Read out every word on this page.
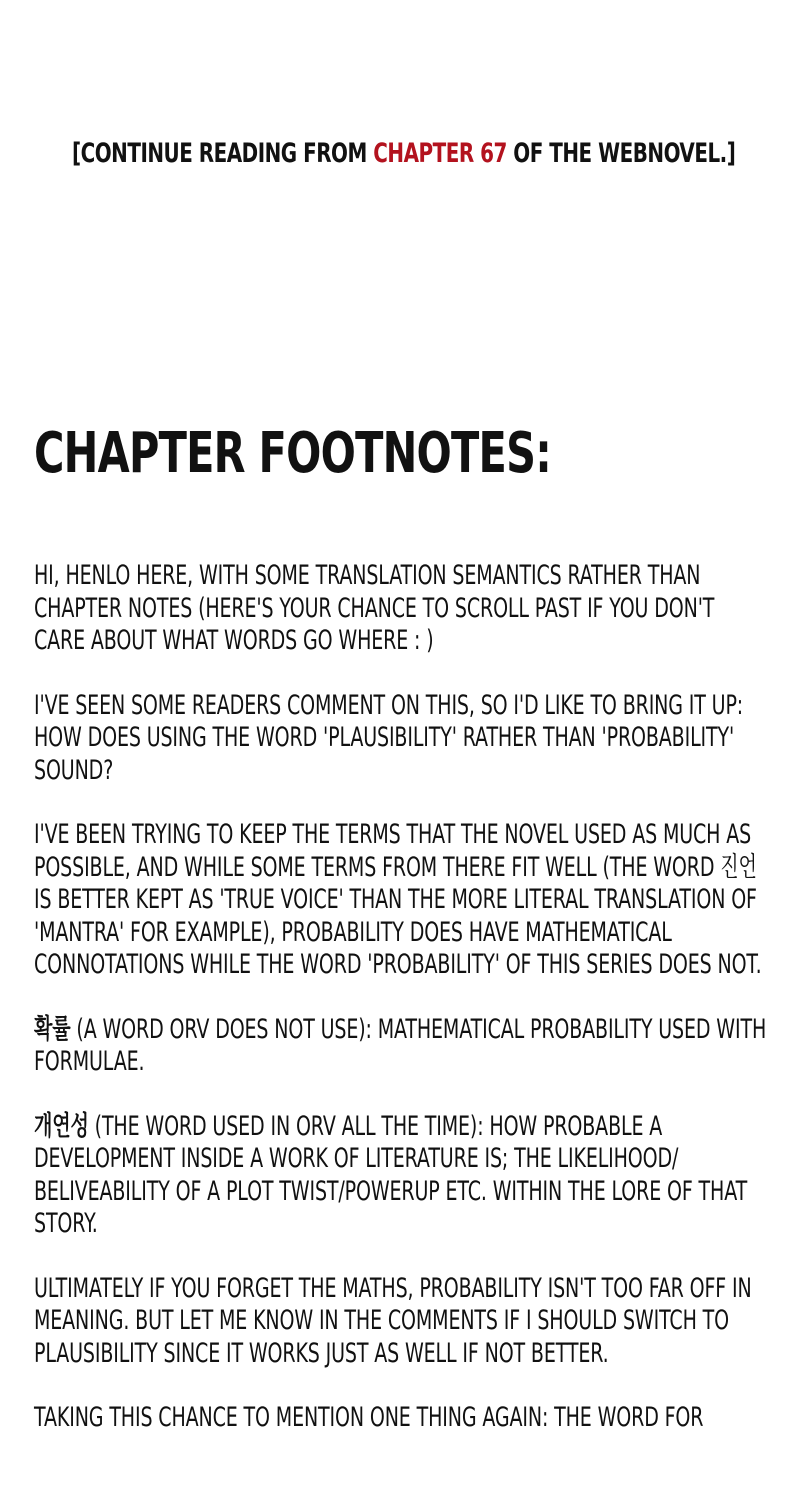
[CONTINUE READING FROM CHAPTER 67 OF THE WEBNOVEL.]
CHAPTER FOOTNOTES:

HI, HENLO HERE, WITH SOME TRANSLATION SEMANTICS RATHER THAN CHAPTER NOTES (HERE'S YOUR CHANCE TO SCROLL PAST IF YOU DON'T CARE ABOUT WHAT WORDS GO WHERE : )

I'VE SEEN SOME READERS COMMENT ON THIS, SO I'D LIKE TO BRING IT UP: HOW DOES USING THE WORD 'PLAUSIBILITY' RATHER THAN 'PROBABILITY' SOUND?

I'VE BEEN TRYING TO KEEP THE TERMS THAT THE NOVEL USED AS MUCH AS POSSIBLE, AND WHILE SOME TERMS FROM THERE FIT WELL (THE WORD 진언 IS BETTER KEPT AS 'TRUE VOICE' THAN THE MORE LITERAL TRANSLATION OF 'MANTRA' FOR EXAMPLE), PROBABILITY DOES HAVE MATHEMATICAL CONNOTATIONS WHILE THE WORD 'PROBABILITY' OF THIS SERIES DOES NOT.

확률 (A WORD ORV DOES NOT USE): MATHEMATICAL PROBABILITY USED WITH FORMULAE.

개연성 (THE WORD USED IN ORV ALL THE TIME): HOW PROBABLE A DEVELOPMENT INSIDE A WORK OF LITERATURE IS; THE LIKELIHOOD/ BELIVEABILITY OF A PLOT TWIST/POWERUP ETC. WITHIN THE LORE OF THAT STORY.

ULTIMATELY IF YOU FORGET THE MATHS, PROBABILITY ISN'T TOO FAR OFF IN MEANING. BUT LET ME KNOW IN THE COMMENTS IF I SHOULD SWITCH TO PLAUSIBILITY SINCE IT WORKS JUST AS WELL IF NOT BETTER.

TAKING THIS CHANCE TO MENTION ONE THING AGAIN: THE WORD FOR
